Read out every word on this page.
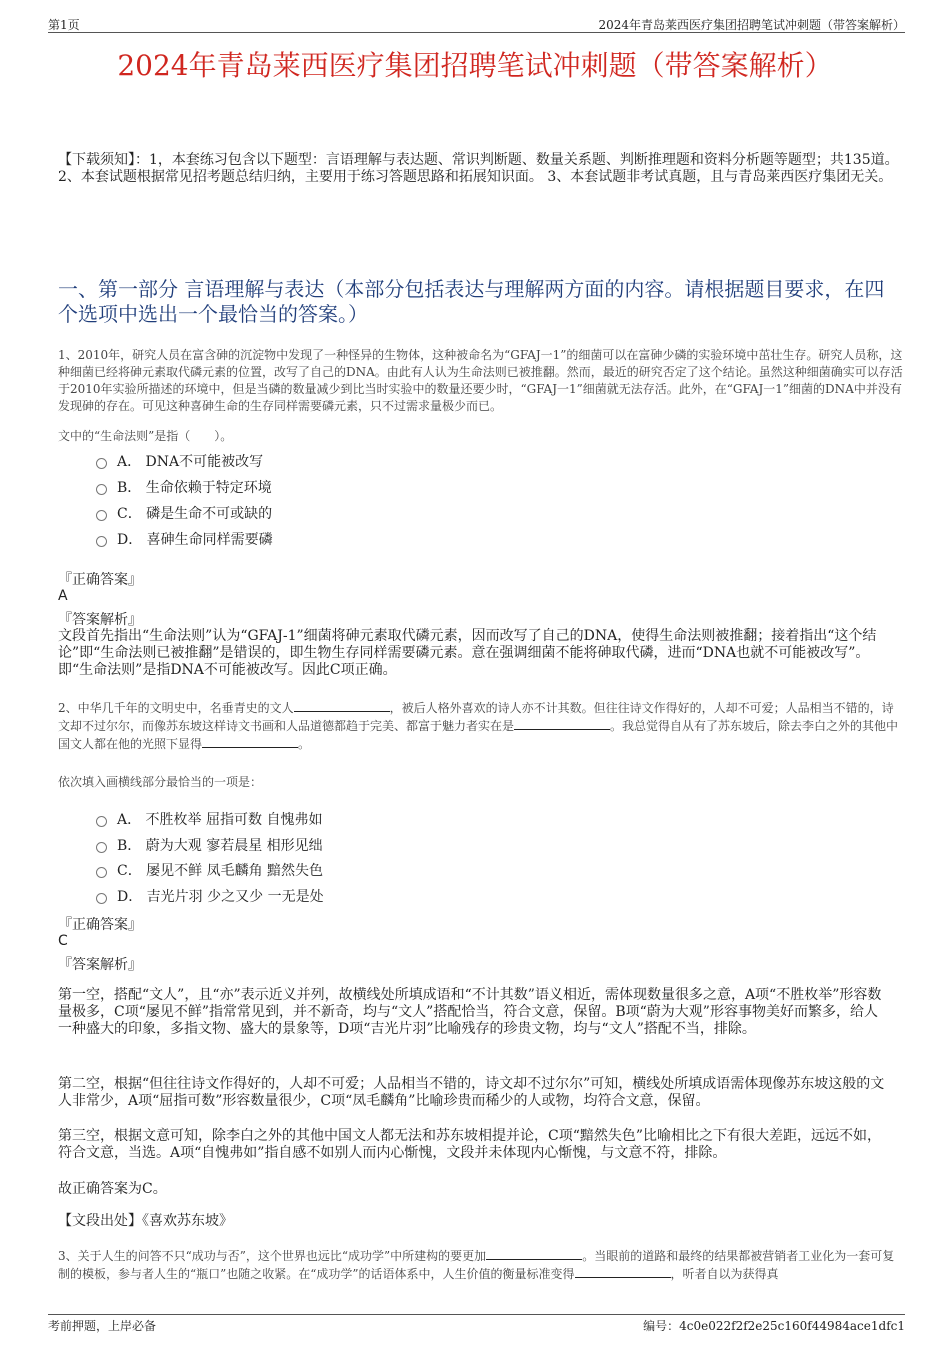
第1页	2024年青岛莱西医疗集团招聘笔试冲刺题（带答案解析）
2024年青岛莱西医疗集团招聘笔试冲刺题（带答案解析）
【下载须知】：1，本套练习包含以下题型：言语理解与表达题、常识判断题、数量关系题、判断推理题和资料分析题等题型；共135道。 2、本套试题根据常见招考题总结归纳，主要用于练习答题思路和拓展知识面。 3、本套试题非考试真题，且与青岛莱西医疗集团无关。
一、第一部分 言语理解与表达（本部分包括表达与理解两方面的内容。请根据题目要求，在四个选项中选出一个最恰当的答案。）
1、2010年，研究人员在富含砷的沉淀物中发现了一种怪异的生物体，这种被命名为“GFAJ一1”的细菌可以在富砷少磷的实验环境中茁壮生存。研究人员称，这种细菌已经将砷元素取代磷元素的位置，改写了自己的DNA。由此有人认为生命法则已被推翻。然而，最近的研究否定了这个结论。虽然这种细菌确实可以存活于2010年实验所描述的环境中，但是当磷的数量减少到比当时实验中的数量还要少时，“GFAJ一1”细菌就无法存活。此外，在“GFAJ一1”细菌的DNA中并没有发现砷的存在。可见这种喜砷生命的生存同样需要磷元素，只不过需求量极少而已。
文中的“生命法则”是指（　　）。
A． DNA不可能被改写
B． 生命依赖于特定环境
C． 磷是生命不可或缺的
D． 喜砷生命同样需要磷
『正确答案』
A
『答案解析』
文段首先指出“生命法则”认为“GFAJ-1”细菌将砷元素取代磷元素，因而改写了自己的DNA，使得生命法则被推翻；接着指出“这个结论”即“生命法则已被推翻”是错误的，即生物生存同样需要磷元素。意在强调细菌不能将砷取代磷，进而“DNA也就不可能被改写”。即“生命法则”是指DNA不可能被改写。因此C项正确。
2、中华几千年的文明史中，名垂青史的文人	，被后人格外喜欢的诗人亦不计其数。但往往诗文作得好的，人却不可爱；人品相当不错的，诗文却不过尔尔，而像苏东坡这样诗文书画和人品道德都趋于完美、都富于魅力者实在是	。我总觉得自从有了苏东坡后，除去李白之外的其他中国文人都在他的光照下显得	。
依次填入画横线部分最恰当的一项是：
A． 不胜枚举 屈指可数 自愧弗如
B． 蔚为大观 寥若晨星 相形见绌
C． 屡见不鲜 凤毛麟角 黯然失色
D． 吉光片羽 少之又少 一无是处
『正确答案』
C
『答案解析』
第一空，搭配“文人”，且“亦”表示近义并列，故横线处所填成语和“不计其数”语义相近，需体现数量很多之意，A项“不胜枚举”形容数量极多，C项“屡见不鲜”指常常见到，并不新奇，均与“文人”搭配恰当，符合文意，保留。B项“蔚为大观”形容事物美好而繁多，给人一种盛大的印象，多指文物、盛大的景象等，D项“吉光片羽”比喻残存的珍贵文物，均与“文人”搭配不当，排除。
第二空，根据“但往往诗文作得好的，人却不可爱；人品相当不错的，诗文却不过尔尔”可知，横线处所填成语需体现像苏东坡这般的文人非常少，A项“屈指可数”形容数量很少，C项“凤毛麟角”比喻珍贵而稀少的人或物，均符合文意，保留。
第三空，根据文意可知，除李白之外的其他中国文人都无法和苏东坡相提并论，C项“黯然失色”比喻相比之下有很大差距，远远不如，符合文意，当选。A项“自愧弗如”指自感不如别人而内心惭愧，文段并未体现内心惭愧，与文意不符，排除。
故正确答案为C。
【文段出处】《喜欢苏东坡》
3、关于人生的问答不只“成功与否”，这个世界也远比“成功学”中所建构的要更加	。当眼前的道路和最终的结果都被营销者工业化为一套可复制的模板，参与者人生的“瓶口”也随之收紧。在“成功学”的话语体系中，人生价值的衡量标准变得	，听者自以为获得真
考前押题，上岸必备	编号：4c0e022f2f2e25c160f44984ace1dfc1
